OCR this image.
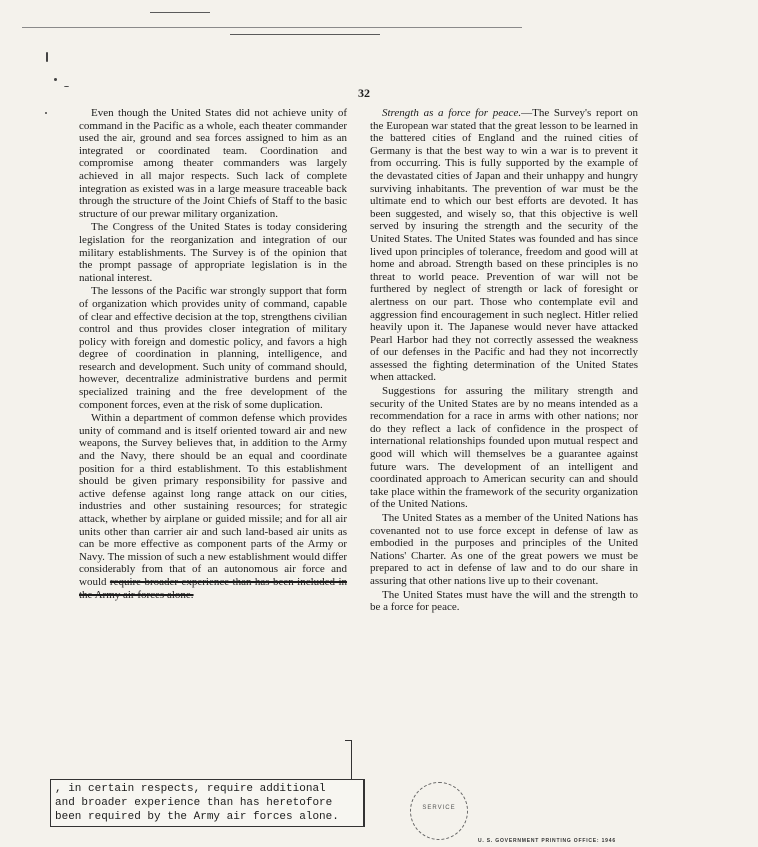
32

Even though the United States did not achieve unity of command in the Pacific as a whole, each theater commander used the air, ground and sea forces assigned to him as an integrated or coordinated team. Coordination and compromise among theater commanders was largely achieved in all major respects. Such lack of complete integration as existed was in a large measure traceable back through the structure of the Joint Chiefs of Staff to the basic structure of our prewar military organization.

The Congress of the United States is today considering legislation for the reorganization and integration of our military establishments. The Survey is of the opinion that the prompt passage of appropriate legislation is in the national interest.

The lessons of the Pacific war strongly support that form of organization which provides unity of command, capable of clear and effective decision at the top, strengthens civilian control and thus provides closer integration of military policy with foreign and domestic policy, and favors a high degree of coordination in planning, intelligence, and research and development. Such unity of command should, however, decentralize administrative burdens and permit specialized training and the free development of the component forces, even at the risk of some duplication.

Within a department of common defense which provides unity of command and is itself oriented toward air and new weapons, the Survey believes that, in addition to the Army and the Navy, there should be an equal and coordinate position for a third establishment. To this establishment should be given primary responsibility for passive and active defense against long range attack on our cities, industries and other sustaining resources; for strategic attack, whether by airplane or guided missile; and for all air units other than carrier air and such land-based air units as can be more effective as component parts of the Army or Navy. The mission of such a new establishment would differ considerably from that of an autonomous air force and would require broader experience than has been included in the Army air forces alone.

, in certain respects, require additional

and broader experience than has heretofore

been required by the Army air forces alone.

Strength as a force for peace.—The Survey's report on the European war stated that the great lesson to be learned in the battered cities of England and the ruined cities of Germany is that the best way to win a war is to prevent it from occurring. This is fully supported by the example of the devastated cities of Japan and their unhappy and hungry surviving inhabitants. The prevention of war must be the ultimate end to which our best efforts are devoted. It has been suggested, and wisely so, that this objective is well served by insuring the strength and the security of the United States. The United States was founded and has since lived upon principles of tolerance, freedom and good will at home and abroad. Strength based on these principles is no threat to world peace. Prevention of war will not be furthered by neglect of strength or lack of foresight or alertness on our part. Those who contemplate evil and aggression find encouragement in such neglect. Hitler relied heavily upon it. The Japanese would never have attacked Pearl Harbor had they not correctly assessed the weakness of our defenses in the Pacific and had they not incorrectly assessed the fighting determination of the United States when attacked.

Suggestions for assuring the military strength and security of the United States are by no means intended as a recommendation for a race in arms with other nations; nor do they reflect a lack of confidence in the prospect of international relationships founded upon mutual respect and good will which will themselves be a guarantee against future wars. The development of an intelligent and coordinated approach to American security can and should take place within the framework of the security organization of the United Nations.

The United States as a member of the United Nations has covenanted not to use force except in defense of law as embodied in the purposes and principles of the United Nations' Charter. As one of the great powers we must be prepared to act in defense of law and to do our share in assuring that other nations live up to their covenant.

The United States must have the will and the strength to be a force for peace.

SERVICE
U. S. GOVERNMENT PRINTING OFFICE: 1946
